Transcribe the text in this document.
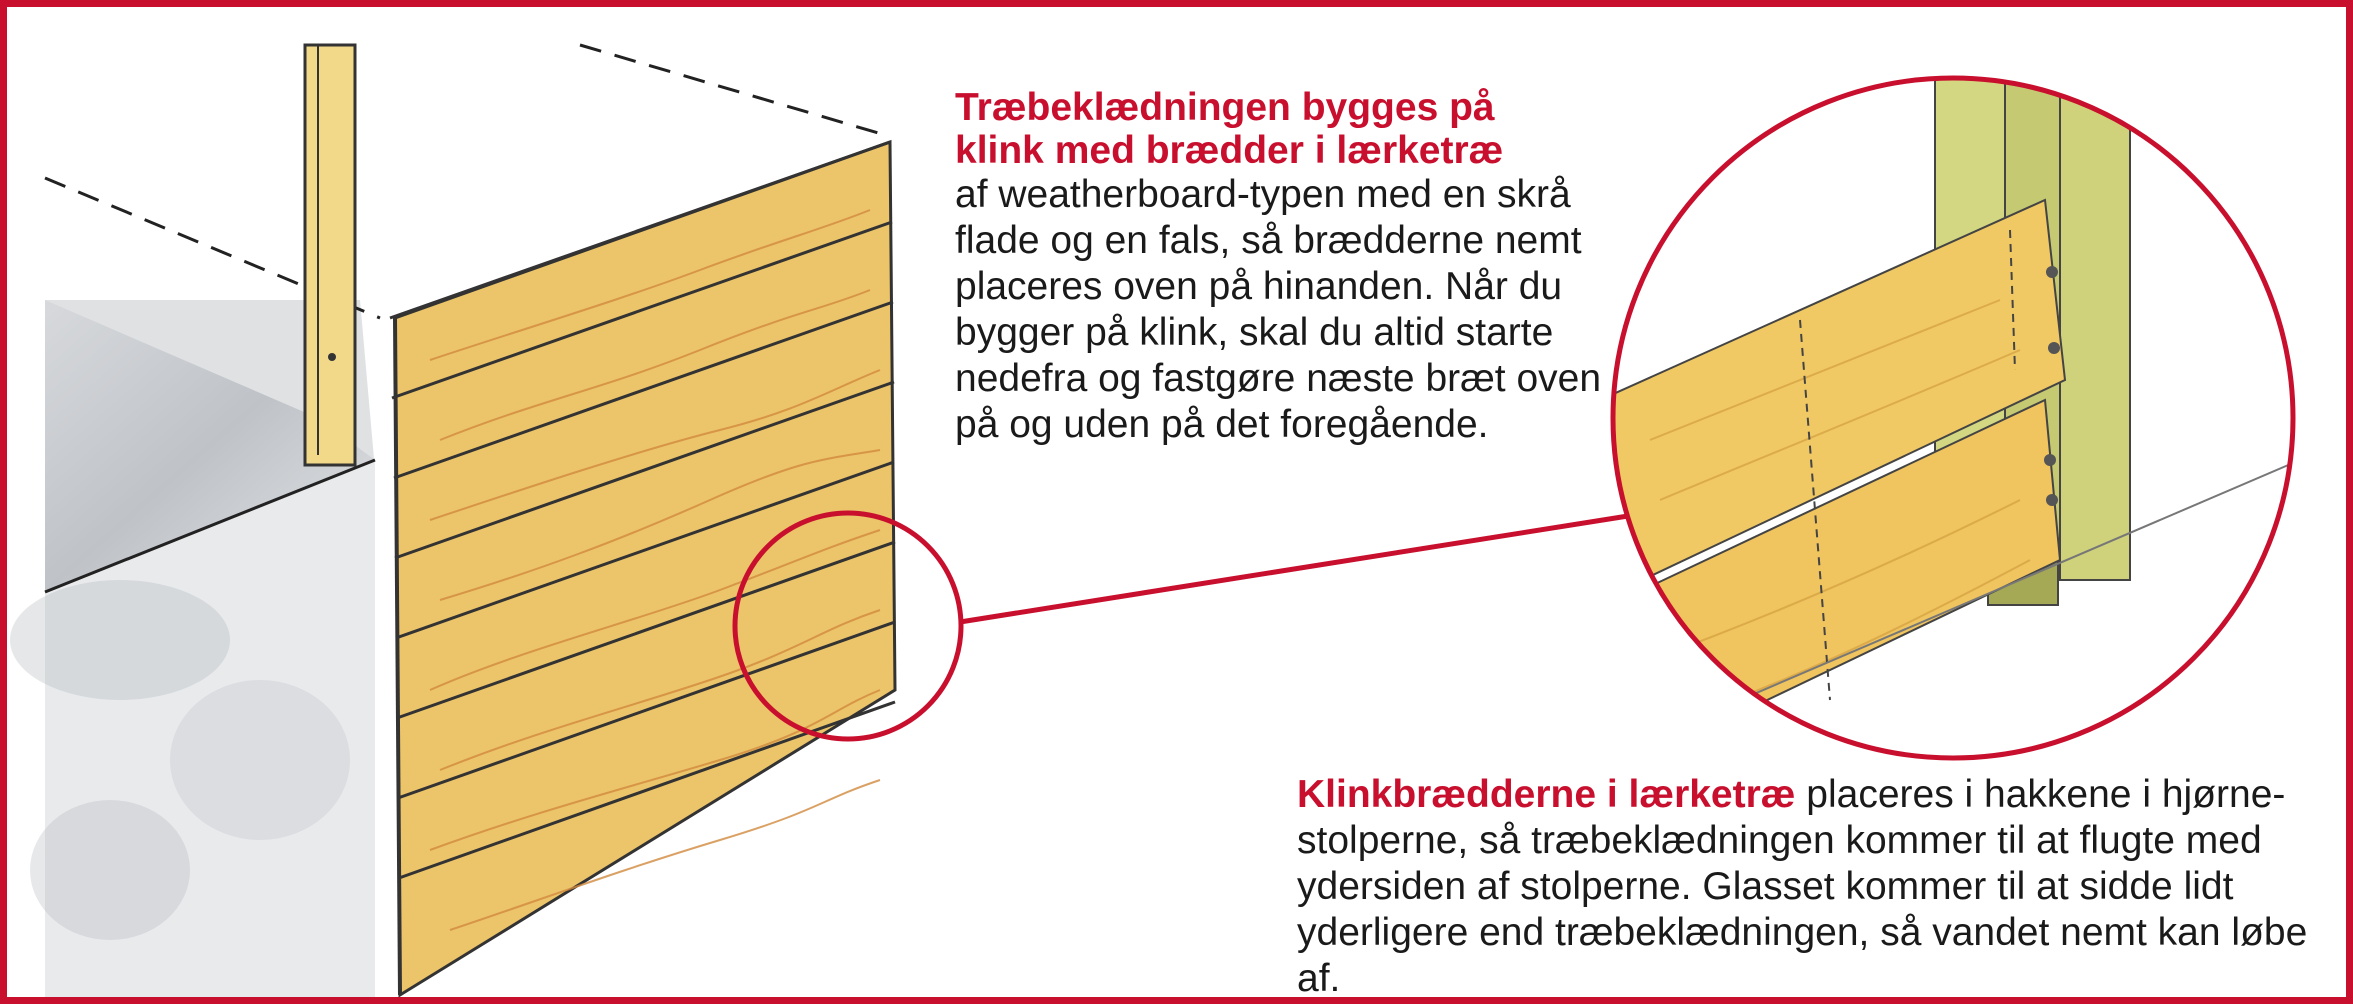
Træbeklædningen bygges på
klink med brædder i lærketræ
af weatherboard-typen med en skrå flade og en fals, så brædderne nemt placeres oven på hinanden. Når du bygger på klink, skal du altid starte nedefra og fastgøre næste bræt oven på og uden på det foregående.
Klinkbrædderne i lærketræ placeres i hakkene i hjørne-stolperne, så træbeklædningen kommer til at flugte med ydersiden af stolperne. Glasset kommer til at sidde lidt yderligere end træbeklædningen, så vandet nemt kan løbe af.
